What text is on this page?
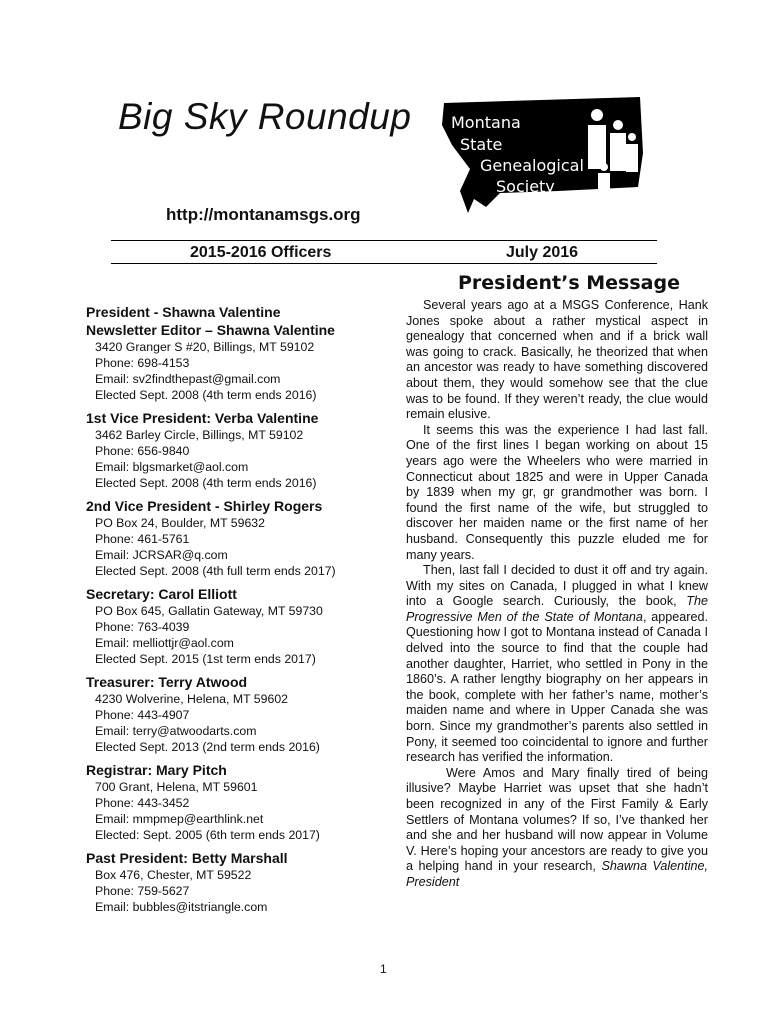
Big Sky Roundup
http://montanamsgs.org
Montana
State
Genealogical
Society
2015-2016 Officers	July 2016
President’s Message
President - Shawna Valentine
Newsletter Editor – Shawna Valentine
3420 Granger S #20, Billings, MT 59102
Phone: 698-4153
Email: sv2findthepast@gmail.com
Elected Sept. 2008 (4th term ends 2016)
1st Vice President: Verba Valentine
3462 Barley Circle, Billings, MT 59102
Phone: 656-9840
Email: blgsmarket@aol.com
Elected Sept. 2008 (4th term ends 2016)
2nd Vice President - Shirley Rogers
PO Box 24, Boulder, MT 59632
Phone: 461-5761
Email: JCRSAR@q.com
Elected Sept. 2008 (4th full term ends 2017)
Secretary: Carol Elliott
PO Box 645, Gallatin Gateway, MT 59730
Phone: 763-4039
Email: melliottjr@aol.com
Elected Sept. 2015 (1st term ends 2017)
Treasurer: Terry Atwood
4230 Wolverine, Helena, MT 59602
Phone: 443-4907
Email: terry@atwoodarts.com
Elected Sept. 2013 (2nd term ends 2016)
Registrar: Mary Pitch
700 Grant, Helena, MT 59601
Phone: 443-3452
Email: mmpmep@earthlink.net
Elected: Sept. 2005 (6th term ends 2017)
Past President: Betty Marshall
Box 476, Chester, MT 59522
Phone: 759-5627
Email: bubbles@itstriangle.com

Several years ago at a MSGS Conference, Hank Jones spoke about a rather mystical aspect in genealogy that concerned when and if a brick wall was going to crack. Basically, he theorized that when an ancestor was ready to have something discovered about them, they would somehow see that the clue was to be found. If they weren’t ready, the clue would remain elusive.

It seems this was the experience I had last fall. One of the first lines I began working on about 15 years ago were the Wheelers who were married in Connecticut about 1825 and were in Upper Canada by 1839 when my gr, gr grandmother was born. I found the first name of the wife, but struggled to discover her maiden name or the first name of her husband. Consequently this puzzle eluded me for many years.

Then, last fall I decided to dust it off and try again. With my sites on Canada, I plugged in what I knew into a Google search. Curiously, the book, The Progressive Men of the State of Montana, appeared. Questioning how I got to Montana instead of Canada I delved into the source to find that the couple had another daughter, Harriet, who settled in Pony in the 1860’s. A rather lengthy biography on her appears in the book, complete with her father’s name, mother’s maiden name and where in Upper Canada she was born. Since my grandmother’s parents also settled in Pony, it seemed too coincidental to ignore and further research has verified the information.

Were Amos and Mary finally tired of being illusive? Maybe Harriet was upset that she hadn’t been recognized in any of the First Family & Early Settlers of Montana volumes? If so, I’ve thanked her and she and her husband will now appear in Volume V. Here’s hoping your ancestors are ready to give you a helping hand in your research, Shawna Valentine, President

1
